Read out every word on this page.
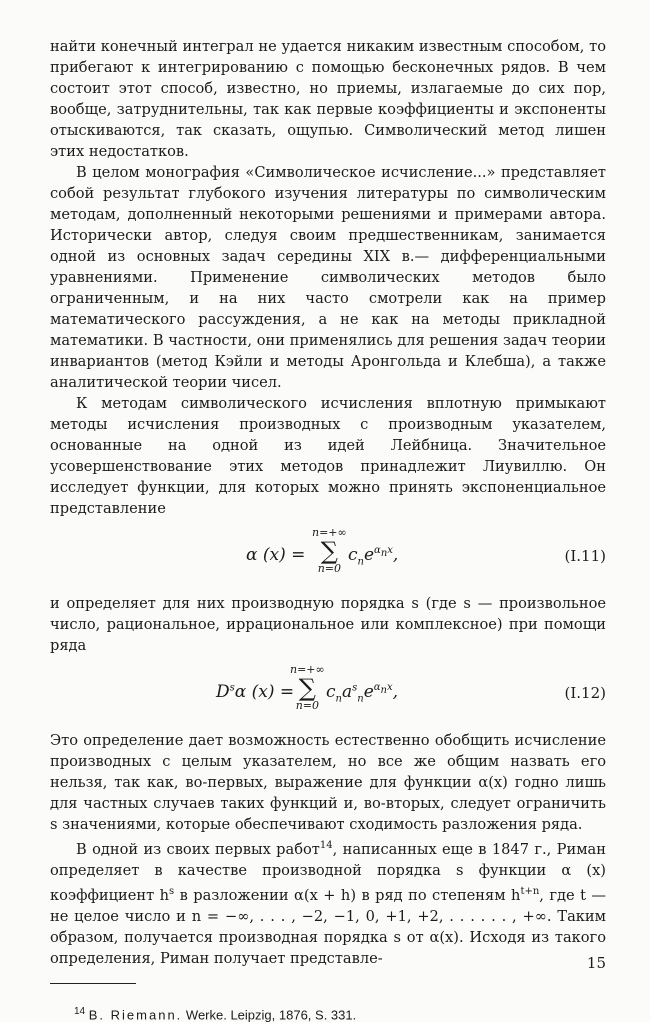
найти конечный интеграл не удается никаким известным способом, то прибегают к интегрированию с помощью бесконечных рядов. В чем состоит этот способ, известно, но приемы, излагаемые до сих пор, вообще, затруднительны, так как первые коэффициенты и экспоненты отыскиваются, так сказать, ощупью. Символический метод лишен этих недостатков.

В целом монография «Символическое исчисление...» представляет собой результат глубокого изучения литературы по символическим методам, дополненный некоторыми решениями и примерами автора. Исторически автор, следуя своим предшественникам, занимается одной из основных задач середины XIX в.— дифференциальными уравнениями. Применение символических методов было ограниченным, и на них часто смотрели как на пример математического рассуждения, а не как на методы прикладной математики. В частности, они применялись для решения задач теории инвариантов (метод Кэйли и методы Аронгольда и Клебша), а также аналитической теории чисел.

К методам символического исчисления вплотную примыкают методы исчисления производных с производным указателем, основанные на одной из идей Лейбница. Значительное усовершенствование этих методов принадлежит Лиувиллю. Он исследует функции, для которых можно принять экспоненциальное представление

α (x) =
n=+∞
∑
n=0
$c_ne^{\alpha_nx}$,	(I.11)

и определяет для них производную порядка s (где s — произвольное число, рациональное, иррациональное или комплексное) при помощи ряда

$D^s\alpha$ (x) =
n=+∞
∑
n=0
$c_na^s_ne^{\alpha_nx}$,	(I.12)

Это определение дает возможность естественно обобщить исчисление производных с целым указателем, но все же общим назвать его нельзя, так как, во-первых, выражение для функции α(x) годно лишь для частных случаев таких функций и, во-вторых, следует ограничить s значениями, которые обеспечивают сходимость разложения ряда.

В одной из своих первых работ$^{14}$, написанных еще в 1847 г., Риман определяет в качестве производной порядка s функции α (x) коэффициент $h^s$ в разложении α(x + h) в ряд по степеням $h^{t+n}$, где t — не целое число и n = −∞, . . . , −2, −1, 0, +1, +2, . . . . . . , +∞. Таким образом, получается производная порядка s от α(x). Исходя из такого определения, Риман получает представле-

$^{14}$ B. Riemann. Werke. Leipzig, 1876, S. 331.
15
